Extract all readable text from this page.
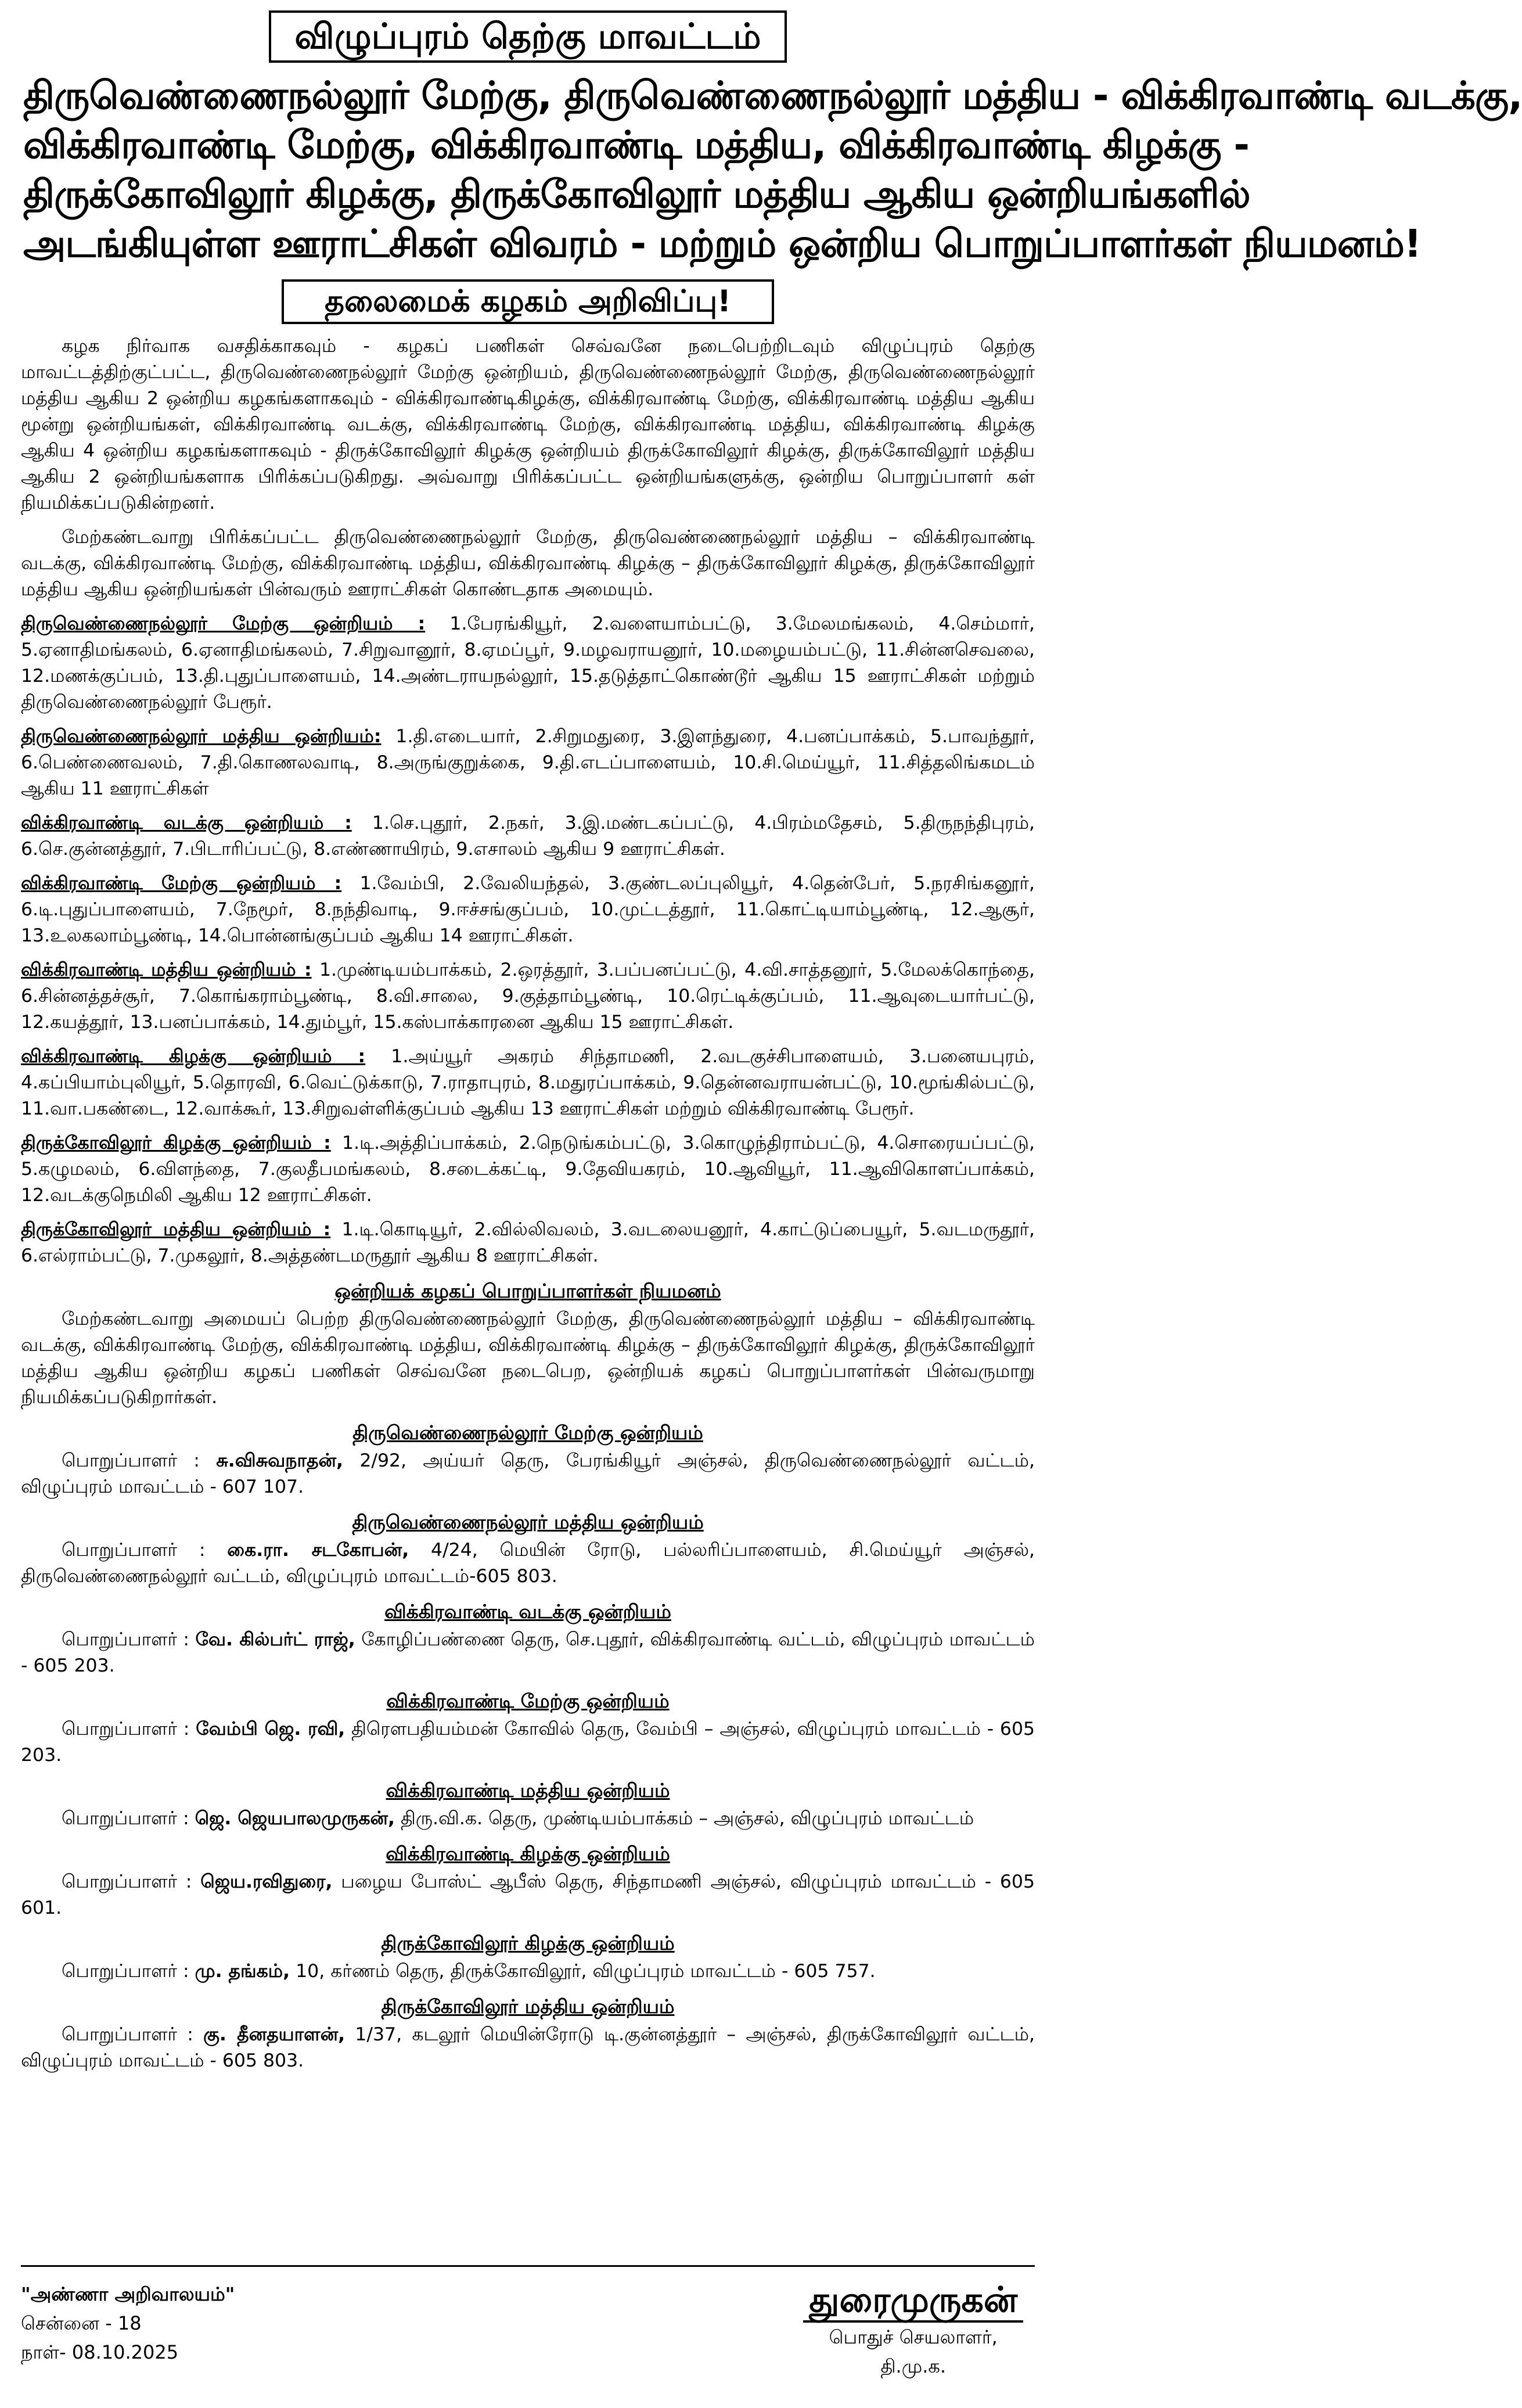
விழுப்புரம் தெற்கு மாவட்டம்
திருவெண்ணைநல்லூர் மேற்கு, திருவெண்ணைநல்லூர் மத்திய - விக்கிரவாண்டி வடக்கு,
விக்கிரவாண்டி மேற்கு, விக்கிரவாண்டி மத்திய, விக்கிரவாண்டி கிழக்கு -
திருக்கோவிலூர் கிழக்கு, திருக்கோவிலூர் மத்திய ஆகிய ஒன்றியங்களில்
அடங்கியுள்ள ஊராட்சிகள் விவரம் - மற்றும் ஒன்றிய பொறுப்பாளர்கள் நியமனம்!
தலைமைக் கழகம் அறிவிப்பு!

கழக நிர்வாக வசதிக்காகவும் - கழகப் பணிகள் செவ்வனே நடைபெற்றிடவும் விழுப்புரம் தெற்கு மாவட்டத்திற்குட்பட்ட, திருவெண்ணைநல்லூர் மேற்கு ஒன்றியம், திருவெண்ணைநல்லூர் மேற்கு, திருவெண்ணைநல்லூர் மத்திய ஆகிய 2 ஒன்றிய கழகங்களாகவும் - விக்கிரவாண்டிகிழக்கு, விக்கிரவாண்டி மேற்கு, விக்கிரவாண்டி மத்திய ஆகிய மூன்று ஒன்றியங்கள், விக்கிரவாண்டி வடக்கு, விக்கிரவாண்டி மேற்கு, விக்கிரவாண்டி மத்திய, விக்கிரவாண்டி கிழக்கு ஆகிய 4 ஒன்றிய கழகங்களாகவும் - திருக்கோவிலூர் கிழக்கு ஒன்றியம் திருக்கோவிலூர் கிழக்கு, திருக்கோவிலூர் மத்திய ஆகிய 2 ஒன்றியங்களாக பிரிக்கப்படுகிறது. அவ்வாறு பிரிக்கப்பட்ட ஒன்றியங்களுக்கு, ஒன்றிய பொறுப்பாளர் கள் நியமிக்கப்படுகின்றனர்.

மேற்கண்டவாறு பிரிக்கப்பட்ட திருவெண்ணைநல்லூர் மேற்கு, திருவெண்ணைநல்லூர் மத்திய – விக்கிரவாண்டி வடக்கு, விக்கிரவாண்டி மேற்கு, விக்கிரவாண்டி மத்திய, விக்கிரவாண்டி கிழக்கு – திருக்கோவிலூர் கிழக்கு, திருக்கோவிலூர் மத்திய ஆகிய ஒன்றியங்கள் பின்வரும் ஊராட்சிகள் கொண்டதாக அமையும்.

திருவெண்ணைநல்லூர் மேற்கு ஒன்றியம் : 1.பேரங்கியூர், 2.வளையாம்பட்டு, 3.மேலமங்கலம், 4.செம்மார், 5.ஏனாதிமங்கலம், 6.ஏனாதிமங்கலம், 7.சிறுவானூர், 8.ஏமப்பூர், 9.மழவராயனூர், 10.மழையம்பட்டு, 11.சின்னசெவலை, 12.மணக்குப்பம், 13.தி.புதுப்பாளையம், 14.அண்டராயநல்லூர், 15.தடுத்தாட்கொண்டூர் ஆகிய 15 ஊராட்சிகள் மற்றும் திருவெண்ணைநல்லூர் பேரூர்.

திருவெண்ணைநல்லூர் மத்திய ஒன்றியம்: 1.தி.எடையார், 2.சிறுமதுரை, 3.இளந்துரை, 4.பனப்பாக்கம், 5.பாவந்தூர், 6.பெண்ணைவலம், 7.தி.கொணலவாடி, 8.அருங்குறுக்கை, 9.தி.எடப்பாளையம், 10.சி.மெய்யூர், 11.சித்தலிங்கமடம் ஆகிய 11 ஊராட்சிகள்

விக்கிரவாண்டி வடக்கு ஒன்றியம் : 1.செ.புதூர், 2.நகர், 3.இ.மண்டகப்பட்டு, 4.பிரம்மதேசம், 5.திருநந்திபுரம், 6.செ.குன்னத்தூர், 7.பிடாரிப்பட்டு, 8.எண்ணாயிரம், 9.எசாலம் ஆகிய 9 ஊராட்சிகள்.

விக்கிரவாண்டி மேற்கு ஒன்றியம் : 1.வேம்பி, 2.வேலியந்தல், 3.குண்டலப்புலியூர், 4.தென்பேர், 5.நரசிங்கனூர், 6.டி.புதுப்பாளையம், 7.நேமூர், 8.நந்திவாடி, 9.ஈச்சங்குப்பம், 10.முட்டத்தூர், 11.கொட்டியாம்பூண்டி, 12.ஆசூர், 13.உலகலாம்பூண்டி, 14.பொன்னங்குப்பம் ஆகிய 14 ஊராட்சிகள்.

விக்கிரவாண்டி மத்திய ஒன்றியம் : 1.முண்டியம்பாக்கம், 2.ஒரத்தூர், 3.பப்பனப்பட்டு, 4.வி.சாத்தனூர், 5.மேலக்கொந்தை, 6.சின்னத்தச்சூர், 7.கொங்கராம்பூண்டி, 8.வி.சாலை, 9.குத்தாம்பூண்டி, 10.ரெட்டிக்குப்பம், 11.ஆவுடையார்பட்டு, 12.கயத்தூர், 13.பனப்பாக்கம், 14.தும்பூர், 15.கஸ்பாக்காரனை ஆகிய 15 ஊராட்சிகள்.

விக்கிரவாண்டி கிழக்கு ஒன்றியம் : 1.அய்யூர் அகரம் சிந்தாமணி, 2.வடகுச்சிபாளையம், 3.பனையபுரம், 4.கப்பியாம்புலியூர், 5.தொரவி, 6.வெட்டுக்காடு, 7.ராதாபுரம், 8.மதுரப்பாக்கம், 9.தென்னவராயன்பட்டு, 10.மூங்கில்பட்டு, 11.வா.பகண்டை, 12.வாக்கூர், 13.சிறுவள்ளிக்குப்பம் ஆகிய 13 ஊராட்சிகள் மற்றும் விக்கிரவாண்டி பேரூர்.

திருக்கோவிலூர் கிழக்கு ஒன்றியம் : 1.டி.அத்திப்பாக்கம், 2.நெடுங்கம்பட்டு, 3.கொழுந்திராம்பட்டு, 4.சொரையப்பட்டு, 5.கழுமலம், 6.விளந்தை, 7.குலதீபமங்கலம், 8.சடைக்கட்டி, 9.தேவியகரம், 10.ஆவியூர், 11.ஆவிகொளப்பாக்கம், 12.வடக்குநெமிலி ஆகிய 12 ஊராட்சிகள்.

திருக்கோவிலூர் மத்திய ஒன்றியம் : 1.டி.கொடியூர், 2.வில்லிவலம், 3.வடலையனூர், 4.காட்டுப்பையூர், 5.வடமருதூர், 6.எல்ராம்பட்டு, 7.முகலூர், 8.அத்தண்டமருதூர் ஆகிய 8 ஊராட்சிகள்.

ஒன்றியக் கழகப் பொறுப்பாளர்கள் நியமனம்

மேற்கண்டவாறு அமையப் பெற்ற திருவெண்ணைநல்லூர் மேற்கு, திருவெண்ணைநல்லூர் மத்திய – விக்கிரவாண்டி வடக்கு, விக்கிரவாண்டி மேற்கு, விக்கிரவாண்டி மத்திய, விக்கிரவாண்டி கிழக்கு – திருக்கோவிலூர் கிழக்கு, திருக்கோவிலூர் மத்திய ஆகிய ஒன்றிய கழகப் பணிகள் செவ்வனே நடைபெற, ஒன்றியக் கழகப் பொறுப்பாளர்கள் பின்வருமாறு நியமிக்கப்படுகிறார்கள்.

திருவெண்ணைநல்லூர் மேற்கு ஒன்றியம்

பொறுப்பாளர் : சு.விசுவநாதன், 2/92, அய்யர் தெரு, பேரங்கியூர் அஞ்சல், திருவெண்ணைநல்லூர் வட்டம், விழுப்புரம் மாவட்டம் - 607 107.

திருவெண்ணைநல்லூர் மத்திய ஒன்றியம்

பொறுப்பாளர் : கை.ரா. சடகோபன், 4/24, மெயின் ரோடு, பல்லரிப்பாளையம், சி.மெய்யூர் அஞ்சல், திருவெண்ணைநல்லூர் வட்டம், விழுப்புரம் மாவட்டம்-605 803.

விக்கிரவாண்டி வடக்கு ஒன்றியம்

பொறுப்பாளர் : வே. கில்பர்ட் ராஜ், கோழிப்பண்ணை தெரு, செ.புதூர், விக்கிரவாண்டி வட்டம், விழுப்புரம் மாவட்டம் - 605 203.

விக்கிரவாண்டி மேற்கு ஒன்றியம்

பொறுப்பாளர் : வேம்பி ஜெ. ரவி, திரௌபதியம்மன் கோவில் தெரு, வேம்பி – அஞ்சல், விழுப்புரம் மாவட்டம் - 605 203.

விக்கிரவாண்டி மத்திய ஒன்றியம்

பொறுப்பாளர் : ஜெ. ஜெயபாலமுருகன், திரு.வி.க. தெரு, முண்டியம்பாக்கம் – அஞ்சல், விழுப்புரம் மாவட்டம்

விக்கிரவாண்டி கிழக்கு ஒன்றியம்

பொறுப்பாளர் : ஜெய.ரவிதுரை, பழைய போஸ்ட் ஆபீஸ் தெரு, சிந்தாமணி அஞ்சல், விழுப்புரம் மாவட்டம் - 605 601.

திருக்கோவிலூர் கிழக்கு ஒன்றியம்

பொறுப்பாளர் : மு. தங்கம், 10, கர்ணம் தெரு, திருக்கோவிலூர், விழுப்புரம் மாவட்டம் - 605 757.

திருக்கோவிலூர் மத்திய ஒன்றியம்

பொறுப்பாளர் : கு. தீனதயாளன், 1/37, கடலூர் மெயின்ரோடு டி.குன்னத்தூர் – அஞ்சல், திருக்கோவிலூர் வட்டம், விழுப்புரம் மாவட்டம் - 605 803.

"அண்ணா அறிவாலயம்"
சென்னை - 18
நாள்- 08.10.2025
துரைமுருகன்
பொதுச் செயலாளர்,
தி.மு.க.
